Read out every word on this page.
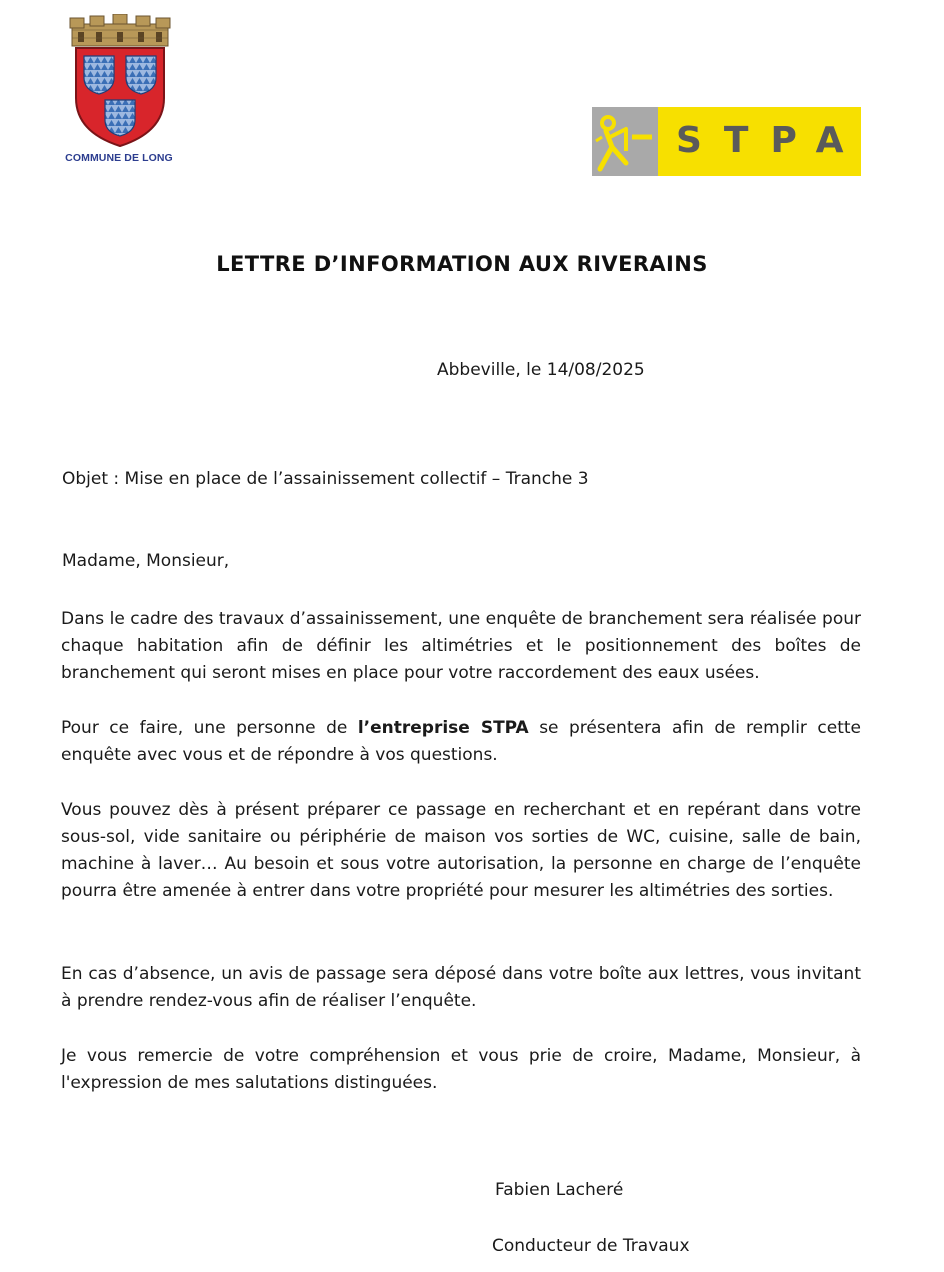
COMMUNE DE LONG	STPA
LETTRE D’INFORMATION AUX RIVERAINS
Abbeville, le 14/08/2025
Objet : Mise en place de l’assainissement collectif – Tranche 3
Madame, Monsieur,
Dans le cadre des travaux d’assainissement, une enquête de branchement sera réalisée pour chaque habitation afin de définir les altimétries et le positionnement des boîtes de branchement qui seront mises en place pour votre raccordement des eaux usées.
Pour ce faire, une personne de l’entreprise STPA se présentera afin de remplir cette enquête avec vous et de répondre à vos questions.
Vous pouvez dès à présent préparer ce passage en recherchant et en repérant dans votre sous-sol, vide sanitaire ou périphérie de maison vos sorties de WC, cuisine, salle de bain, machine à laver… Au besoin et sous votre autorisation, la personne en charge de l’enquête pourra être amenée à entrer dans votre propriété pour mesurer les altimétries des sorties.
En cas d’absence, un avis de passage sera déposé dans votre boîte aux lettres, vous invitant à prendre rendez-vous afin de réaliser l’enquête.
Je vous remercie de votre compréhension et vous prie de croire, Madame, Monsieur, à l'expression de mes salutations distinguées.
Fabien Lacheré
Conducteur de Travaux
